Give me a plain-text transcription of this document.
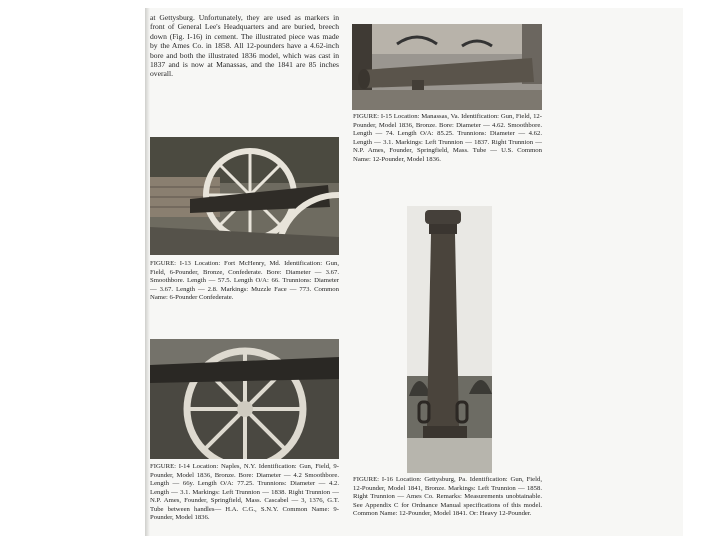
at Gettysburg. Unfortunately, they are used as markers in front of General Lee's Headquarters and are buried, breech down (Fig. I-16) in cement. The illustrated piece was made by the Ames Co. in 1858. All 12-pounders have a 4.62-inch bore and both the illustrated 1836 model, which was cast in 1837 and is now at Manassas, and the 1841 are 85 inches overall.

FIGURE: I-15 Location: Manassas, Va. Identification: Gun, Field, 12-Pounder, Model 1836, Bronze. Bore: Diameter — 4.62. Smoothbore. Length — 74. Length O/A: 85.25. Trunnions: Diameter — 4.62. Length — 3.1. Markings: Left Trunnion — 1837. Right Trunnion — N.P. Ames, Founder, Springfield, Mass. Tube — U.S. Common Name: 12-Pounder, Model 1836.

FIGURE: I-13 Location: Fort McHenry, Md. Identification: Gun, Field, 6-Pounder, Bronze, Confederate. Bore: Diameter — 3.67. Smoothbore. Length — 57.5. Length O/A: 66. Trunnions: Diameter — 3.67. Length — 2.8. Markings: Muzzle Face — 773. Common Name: 6-Pounder Confederate.

FIGURE: I-14 Location: Naples, N.Y. Identification: Gun, Field, 9-Pounder, Model 1836, Bronze. Bore: Diameter — 4.2 Smoothbore. Length — 66y. Length O/A: 77.25. Trunnions: Diameter — 4.2. Length — 3.1. Markings: Left Trunnion — 1838. Right Trunnion — N.P. Ames, Founder, Springfield, Mass. Cascabel — 3, 1376, G.T. Tube between handles— H.A. C.G., S.N.Y. Common Name: 9-Pounder, Model 1836.

FIGURE: I-16 Location: Gettysburg, Pa. Identification: Gun, Field, 12-Pounder, Model 1841, Bronze. Markings: Left Trunnion — 1858. Right Trunnion — Ames Co. Remarks: Measurements unobtainable. See Appendix C for Ordnance Manual specifications of this model. Common Name: 12-Pounder, Model 1841. Or: Heavy 12-Pounder.
